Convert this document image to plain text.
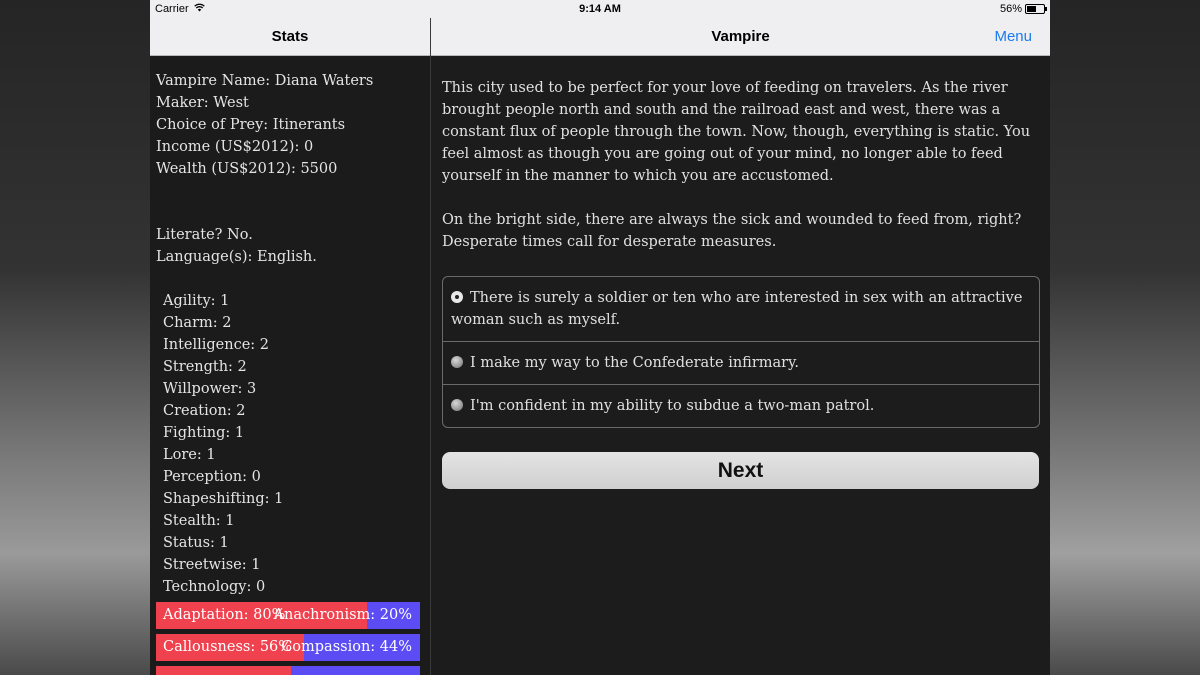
Carrier	9:14 AM	56%
Stats	Vampire	Menu
Vampire Name: Diana Waters
Maker: West
Choice of Prey: Itinerants
Income (US$2012): 0
Wealth (US$2012): 5500
Literate? No.
Language(s): English.
Agility: 1
Charm: 2
Intelligence: 2
Strength: 2
Willpower: 3
Creation: 2
Fighting: 1
Lore: 1
Perception: 0
Shapeshifting: 1
Stealth: 1
Status: 1
Streetwise: 1
Technology: 0
Adaptation: 80%
Anachronism: 20%
Callousness: 56%
Compassion: 44%
This city used to be perfect for your love of feeding on travelers. As the river brought people north and south and the railroad east and west, there was a constant flux of people through the town. Now, though, everything is static. You feel almost as though you are going out of your mind, no longer able to feed yourself in the manner to which you are accustomed.
On the bright side, there are always the sick and wounded to feed from, right? Desperate times call for desperate measures.
There is surely a soldier or ten who are interested in sex with an attractive woman such as myself.
I make my way to the Confederate infirmary.
I'm confident in my ability to subdue a two-man patrol.
Next
